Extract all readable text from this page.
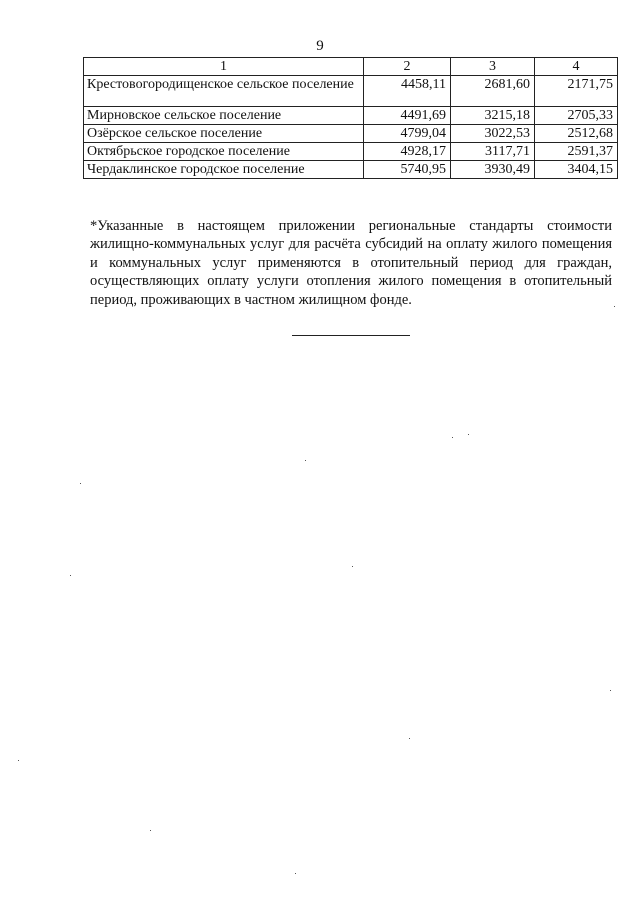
9
1	2	3	4
Крестовогородищенское сельское поселение	4458,11	2681,60	2171,75
Мирновское сельское поселение	4491,69	3215,18	2705,33
Озёрское сельское поселение	4799,04	3022,53	2512,68
Октябрьское городское поселение	4928,17	3117,71	2591,37
Чердаклинское городское поселение	5740,95	3930,49	3404,15

*Указанные в настоящем приложении региональные стандарты стоимости жилищно-коммунальных услуг для расчёта субсидий на оплату жилого помещения и коммунальных услуг применяются в отопительный период для граждан, осуществляющих оплату услуги отопления жилого помещения в отопительный период, проживающих в частном жилищном фонде.
